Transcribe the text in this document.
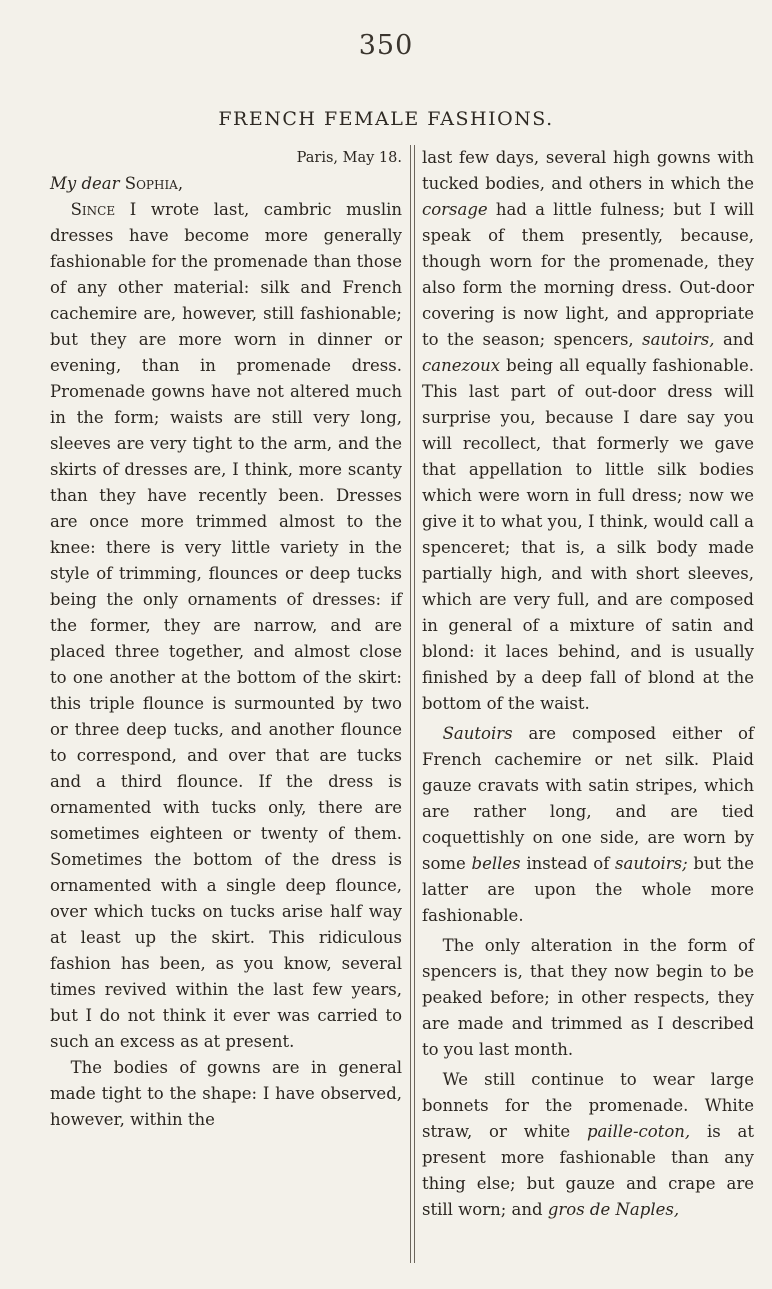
350
FRENCH FEMALE FASHIONS.

Paris, May 18.

My dear Sophia,

Since I wrote last, cambric muslin dresses have become more generally fashionable for the promenade than those of any other material: silk and French cachemire are, however, still fashionable; but they are more worn in dinner or evening, than in promenade dress. Promenade gowns have not altered much in the form; waists are still very long, sleeves are very tight to the arm, and the skirts of dresses are, I think, more scanty than they have recently been. Dresses are once more trimmed almost to the knee: there is very little variety in the style of trimming, flounces or deep tucks being the only ornaments of dresses: if the former, they are narrow, and are placed three together, and almost close to one another at the bottom of the skirt: this triple flounce is surmounted by two or three deep tucks, and another flounce to correspond, and over that are tucks and a third flounce. If the dress is ornamented with tucks only, there are sometimes eighteen or twenty of them. Sometimes the bottom of the dress is ornamented with a single deep flounce, over which tucks on tucks arise half way at least up the skirt. This ridiculous fashion has been, as you know, several times revived within the last few years, but I do not think it ever was carried to such an excess as at present.

The bodies of gowns are in general made tight to the shape: I have observed, however, within the

last few days, several high gowns with tucked bodies, and others in which the corsage had a little fulness; but I will speak of them presently, because, though worn for the promenade, they also form the morning dress. Out-door covering is now light, and appropriate to the season; spencers, sautoirs, and canezoux being all equally fashionable. This last part of out-door dress will surprise you, because I dare say you will recollect, that formerly we gave that appellation to little silk bodies which were worn in full dress; now we give it to what you, I think, would call a spenceret; that is, a silk body made partially high, and with short sleeves, which are very full, and are composed in general of a mixture of satin and blond: it laces behind, and is usually finished by a deep fall of blond at the bottom of the waist.

Sautoirs are composed either of French cachemire or net silk. Plaid gauze cravats with satin stripes, which are rather long, and are tied coquettishly on one side, are worn by some belles instead of sautoirs; but the latter are upon the whole more fashionable.

The only alteration in the form of spencers is, that they now begin to be peaked before; in other respects, they are made and trimmed as I described to you last month.

We still continue to wear large bonnets for the promenade. White straw, or white paille-coton, is at present more fashionable than any thing else; but gauze and crape are still worn; and gros de Naples,
